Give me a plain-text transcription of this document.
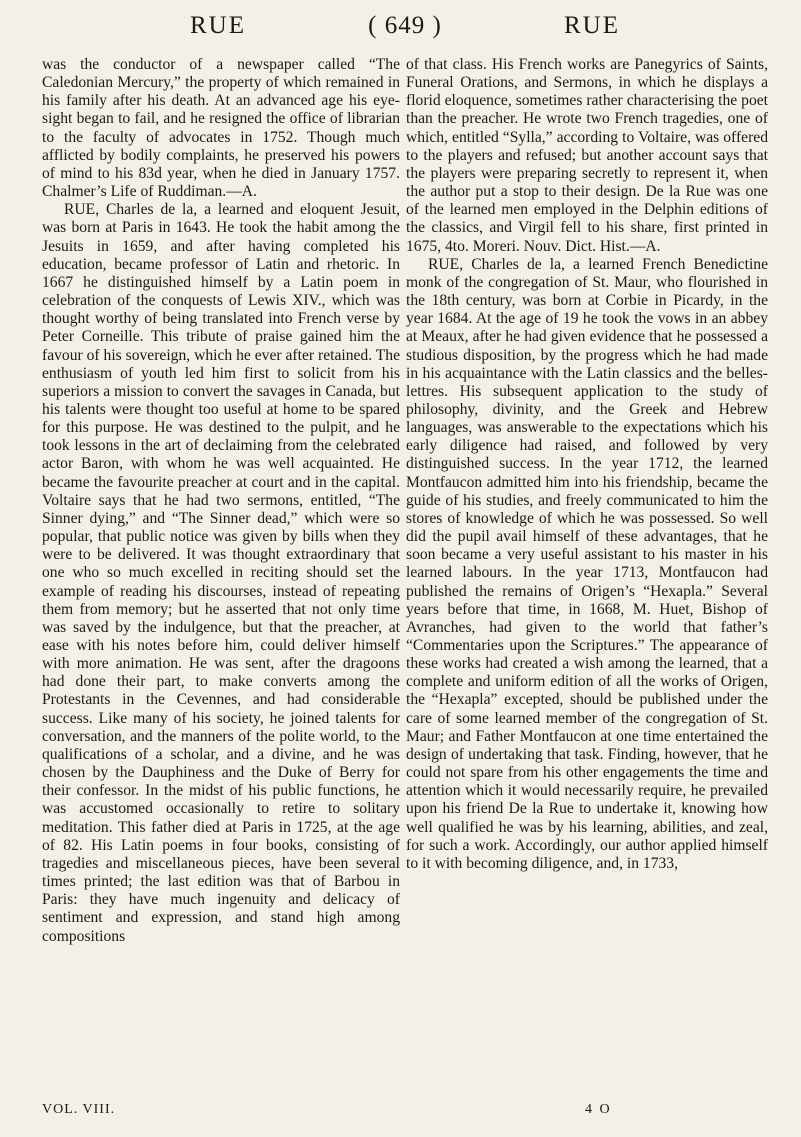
RUE	( 649 )	RUE

was the conductor of a newspaper called “The Caledonian Mercury,” the property of which remained in his family after his death. At an advanced age his eye-sight began to fail, and he resigned the office of librarian to the faculty of advocates in 1752. Though much afflicted by bodily complaints, he preserved his powers of mind to his 83d year, when he died in January 1757. Chalmer’s Life of Ruddiman.—A.

RUE, Charles de la, a learned and eloquent Jesuit, was born at Paris in 1643. He took the habit among the Jesuits in 1659, and after having completed his education, became professor of Latin and rhetoric. In 1667 he distinguished himself by a Latin poem in celebration of the conquests of Lewis XIV., which was thought worthy of being translated into French verse by Peter Corneille. This tribute of praise gained him the favour of his sovereign, which he ever after retained. The enthusiasm of youth led him first to solicit from his superiors a mission to convert the savages in Canada, but his talents were thought too useful at home to be spared for this purpose. He was destined to the pulpit, and he took lessons in the art of declaiming from the celebrated actor Baron, with whom he was well acquainted. He became the favourite preacher at court and in the capital. Voltaire says that he had two sermons, entitled, “The Sinner dying,” and “The Sinner dead,” which were so popular, that public notice was given by bills when they were to be delivered. It was thought extraordinary that one who so much excelled in reciting should set the example of reading his discourses, instead of repeating them from memory; but he asserted that not only time was saved by the indulgence, but that the preacher, at ease with his notes before him, could deliver himself with more animation. He was sent, after the dragoons had done their part, to make converts among the Protestants in the Cevennes, and had considerable success. Like many of his society, he joined talents for conversation, and the manners of the polite world, to the qualifications of a scholar, and a divine, and he was chosen by the Dauphiness and the Duke of Berry for their confessor. In the midst of his public functions, he was accustomed occasionally to retire to solitary meditation. This father died at Paris in 1725, at the age of 82. His Latin poems in four books, consisting of tragedies and miscellaneous pieces, have been several times printed; the last edition was that of Barbou in Paris: they have much ingenuity and delicacy of sentiment and expression, and stand high among compositions

of that class. His French works are Panegyrics of Saints, Funeral Orations, and Sermons, in which he displays a florid eloquence, sometimes rather characterising the poet than the preacher. He wrote two French tragedies, one of which, entitled “Sylla,” according to Voltaire, was offered to the players and refused; but another account says that the players were preparing secretly to represent it, when the author put a stop to their design. De la Rue was one of the learned men employed in the Delphin editions of the classics, and Virgil fell to his share, first printed in 1675, 4to. Moreri. Nouv. Dict. Hist.—A.

RUE, Charles de la, a learned French Benedictine monk of the congregation of St. Maur, who flourished in the 18th century, was born at Corbie in Picardy, in the year 1684. At the age of 19 he took the vows in an abbey at Meaux, after he had given evidence that he possessed a studious disposition, by the progress which he had made in his acquaintance with the Latin classics and the belles-lettres. His subsequent application to the study of philosophy, divinity, and the Greek and Hebrew languages, was answerable to the expectations which his early diligence had raised, and followed by very distinguished success. In the year 1712, the learned Montfaucon admitted him into his friendship, became the guide of his studies, and freely communicated to him the stores of knowledge of which he was possessed. So well did the pupil avail himself of these advantages, that he soon became a very useful assistant to his master in his learned labours. In the year 1713, Montfaucon had published the remains of Origen’s “Hexapla.” Several years before that time, in 1668, M. Huet, Bishop of Avranches, had given to the world that father’s “Commentaries upon the Scriptures.” The appearance of these works had created a wish among the learned, that a complete and uniform edition of all the works of Origen, the “Hexapla” excepted, should be published under the care of some learned member of the congregation of St. Maur; and Father Montfaucon at one time entertained the design of undertaking that task. Finding, however, that he could not spare from his other engagements the time and attention which it would necessarily require, he prevailed upon his friend De la Rue to undertake it, knowing how well qualified he was by his learning, abilities, and zeal, for such a work. Accordingly, our author applied himself to it with becoming diligence, and, in 1733,

VOL. VIII.	4 O
